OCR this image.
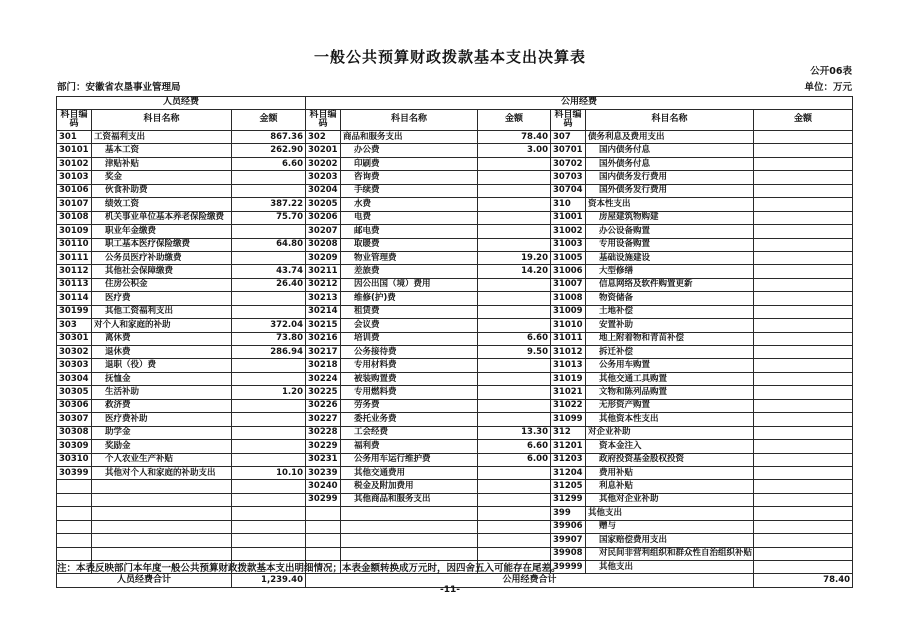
一般公共预算财政拨款基本支出决算表
公开06表
部门：安徽省农垦事业管理局	单位：万元
人员经费			公用经费					
科目编码	科目名称	金额	科目编码	科目名称	金额	科目编码	科目名称	金额
301	工资福利支出	867.36	302	商品和服务支出	78.40	307	债务利息及费用支出	
30101	基本工资	262.90	30201	办公费	3.00	30701	国内债务付息	
30102	津贴补贴	6.60	30202	印刷费		30702	国外债务付息	
30103	奖金		30203	咨询费		30703	国内债务发行费用	
30106	伙食补助费		30204	手续费		30704	国外债务发行费用	
30107	绩效工资	387.22	30205	水费		310	资本性支出	
30108	机关事业单位基本养老保险缴费	75.70	30206	电费		31001	房屋建筑物购建	
30109	职业年金缴费		30207	邮电费		31002	办公设备购置	
30110	职工基本医疗保险缴费	64.80	30208	取暖费		31003	专用设备购置	
30111	公务员医疗补助缴费		30209	物业管理费	19.20	31005	基础设施建设	
30112	其他社会保障缴费	43.74	30211	差旅费	14.20	31006	大型修缮	
30113	住房公积金	26.40	30212	因公出国（境）费用		31007	信息网络及软件购置更新	
30114	医疗费		30213	维修(护)费		31008	物资储备	
30199	其他工资福利支出		30214	租赁费		31009	土地补偿	
303	对个人和家庭的补助	372.04	30215	会议费		31010	安置补助	
30301	离休费	73.80	30216	培训费	6.60	31011	地上附着物和青苗补偿	
30302	退休费	286.94	30217	公务接待费	9.50	31012	拆迁补偿	
30303	退职（役）费		30218	专用材料费		31013	公务用车购置	
30304	抚恤金		30224	被装购置费		31019	其他交通工具购置	
30305	生活补助	1.20	30225	专用燃料费		31021	文物和陈列品购置	
30306	救济费		30226	劳务费		31022	无形资产购置	
30307	医疗费补助		30227	委托业务费		31099	其他资本性支出	
30308	助学金		30228	工会经费	13.30	312	对企业补助	
30309	奖励金		30229	福利费	6.60	31201	资本金注入	
30310	个人农业生产补贴		30231	公务用车运行维护费	6.00	31203	政府投资基金股权投资	
30399	其他对个人和家庭的补助支出	10.10	30239	其他交通费用		31204	费用补贴	
			30240	税金及附加费用		31205	利息补贴	
			30299	其他商品和服务支出		31299	其他对企业补助	
						399	其他支出	
						39906	赠与	
						39907	国家赔偿费用支出	
						39908	对民间非营利组织和群众性自治组织补贴	
						39999	其他支出	
人员经费合计		1,239.40	公用经费合计					78.40
注：本表反映部门本年度一般公共预算财政拨款基本支出明细情况；本表金额转换成万元时，因四舍五入可能存在尾差。
-11-
